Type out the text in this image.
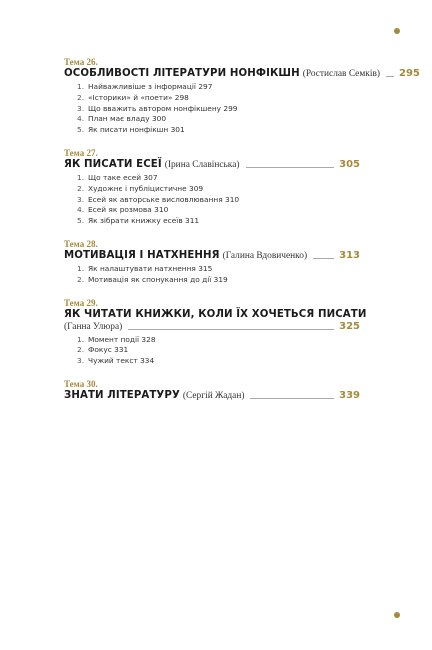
Тема 26.
ОСОБЛИВОСТІ ЛІТЕРАТУРИ НОНФІКШН (Ростислав Семків) 295
1. Найважливіше з інформації 297
2. «Історики» й «поети» 298
3. Що вважить автором нонфікшену 299
4. План має владу 300
5. Як писати нонфікшн 301
Тема 27.
ЯК ПИСАТИ ЕСЕЇ (Ірина Славінська)	305
1. Що таке есей 307
2. Художнє і публіцистичне 309
3. Есей як авторське висловлювання 310
4. Есей як розмова 310
5. Як зібрати книжку есеїв 311
Тема 28.
МОТИВАЦІЯ І НАТХНЕННЯ (Галина Вдовиченко)	313
1. Як налаштувати натхнення 315
2. Мотивація як спонукання до дії 319
Тема 29.
ЯК ЧИТАТИ КНИЖКИ, КОЛИ ЇХ ХОЧЕТЬСЯ ПИСАТИ
(Ганна Улюра)	325
1. Момент події 328
2. Фокус 331
3. Чужий текст 334
Тема 30.
ЗНАТИ ЛІТЕРАТУРУ (Сергій Жадан)	339
